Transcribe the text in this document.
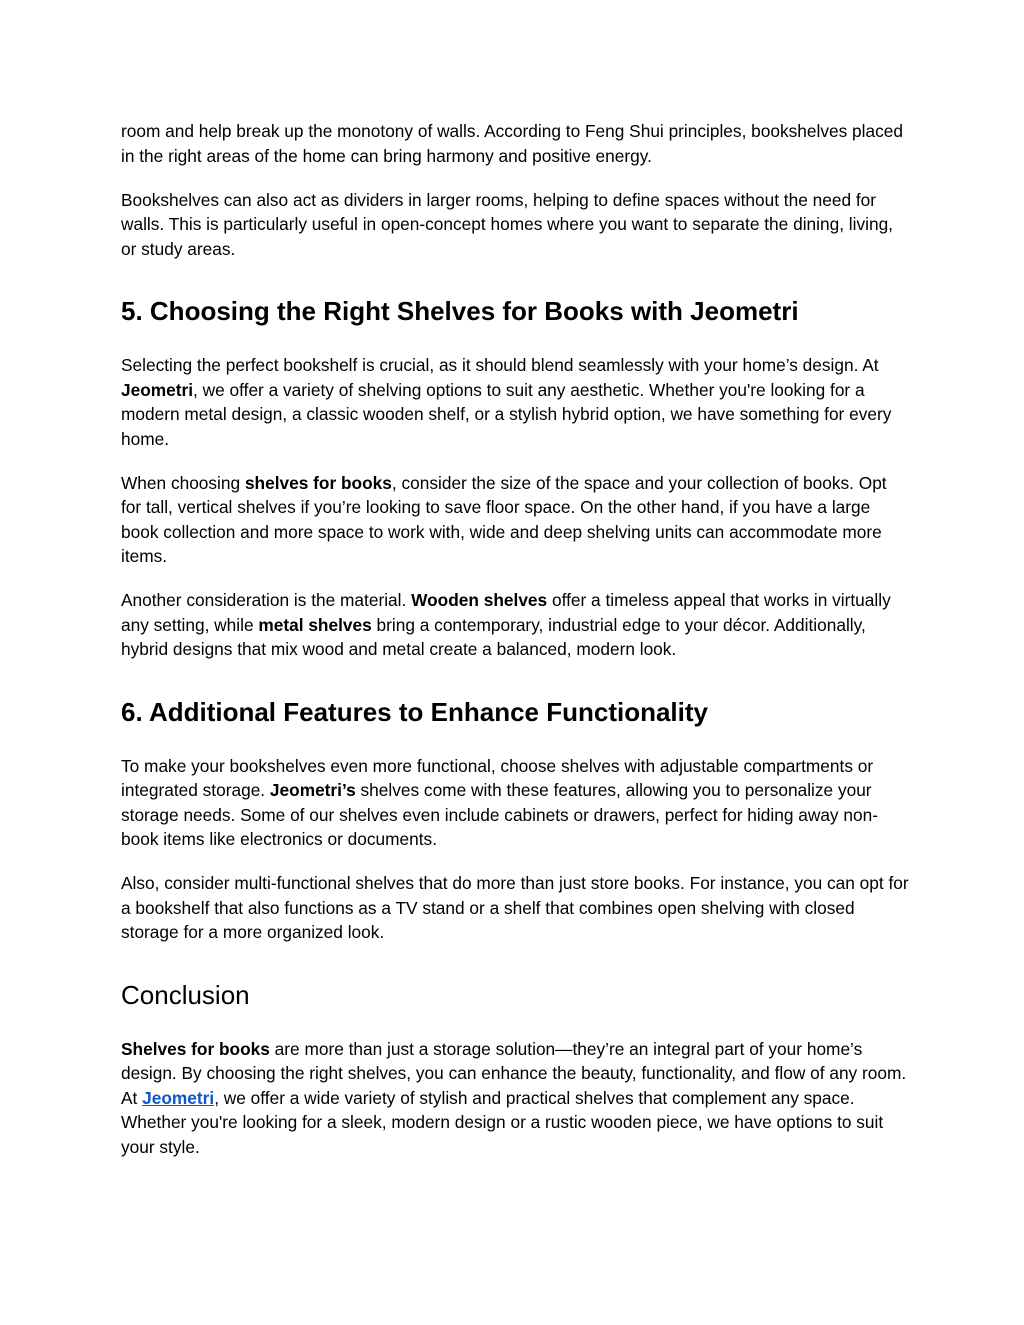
room and help break up the monotony of walls. According to Feng Shui principles, bookshelves placed in the right areas of the home can bring harmony and positive energy.

Bookshelves can also act as dividers in larger rooms, helping to define spaces without the need for walls. This is particularly useful in open-concept homes where you want to separate the dining, living, or study areas.

5. Choosing the Right Shelves for Books with Jeometri

Selecting the perfect bookshelf is crucial, as it should blend seamlessly with your home’s design. At Jeometri, we offer a variety of shelving options to suit any aesthetic. Whether you're looking for a modern metal design, a classic wooden shelf, or a stylish hybrid option, we have something for every home.

When choosing shelves for books, consider the size of the space and your collection of books. Opt for tall, vertical shelves if you’re looking to save floor space. On the other hand, if you have a large book collection and more space to work with, wide and deep shelving units can accommodate more items.

Another consideration is the material. Wooden shelves offer a timeless appeal that works in virtually any setting, while metal shelves bring a contemporary, industrial edge to your décor. Additionally, hybrid designs that mix wood and metal create a balanced, modern look.

6. Additional Features to Enhance Functionality

To make your bookshelves even more functional, choose shelves with adjustable compartments or integrated storage. Jeometri’s shelves come with these features, allowing you to personalize your storage needs. Some of our shelves even include cabinets or drawers, perfect for hiding away non-book items like electronics or documents.

Also, consider multi-functional shelves that do more than just store books. For instance, you can opt for a bookshelf that also functions as a TV stand or a shelf that combines open shelving with closed storage for a more organized look.

Conclusion

Shelves for books are more than just a storage solution—they’re an integral part of your home’s design. By choosing the right shelves, you can enhance the beauty, functionality, and flow of any room. At Jeometri, we offer a wide variety of stylish and practical shelves that complement any space. Whether you're looking for a sleek, modern design or a rustic wooden piece, we have options to suit your style.
